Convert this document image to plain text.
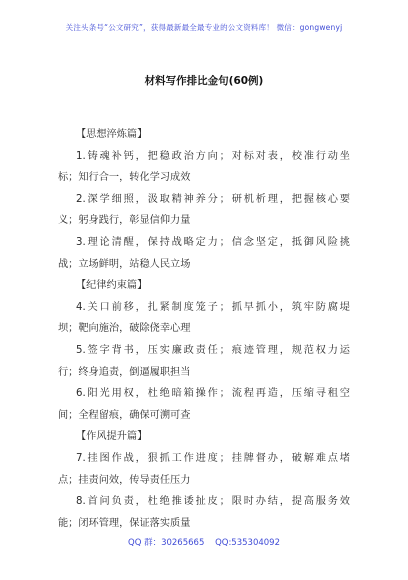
关注头条号“公文研究”，获得最新最全最专业的公文资料库！ 微信：gongwenyj
材料写作排比金句(60例)
【思想淬炼篇】
1.铸魂补钙，把稳政治方向；对标对表，校准行动坐
标；知行合一，转化学习成效
2.深学细照，汲取精神养分；研机析理，把握核心要
义；躬身践行，彰显信仰力量
3.理论清醒，保持战略定力；信念坚定，抵御风险挑
战；立场鲜明，站稳人民立场
【纪律约束篇】
4.关口前移，扎紧制度笼子；抓早抓小，筑牢防腐堤
坝；靶向施治，破除侥幸心理
5.签字背书，压实廉政责任；痕迹管理，规范权力运
行；终身追责，倒逼履职担当
6.阳光用权，杜绝暗箱操作；流程再造，压缩寻租空
间；全程留痕，确保可溯可查
【作风提升篇】
7.挂图作战，狠抓工作进度；挂牌督办，破解难点堵
点；挂责问效，传导责任压力
8.首问负责，杜绝推诿扯皮；限时办结，提高服务效
能；闭环管理，保证落实质量
QQ 群：30265665 QQ:535304092
